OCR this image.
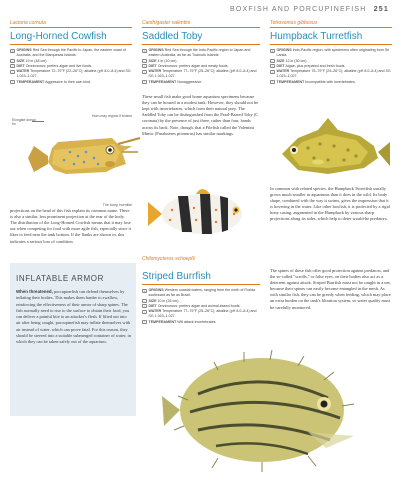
BOXFISH AND PORCUPINEFISH 251
Lactoria cornuta
Long-Horned Cowfish
◎ ORIGINS Red Sea through the Pacific to Japan, the eastern coast of Australia, and the Marquesas Islands.
↔ SIZE 19 in (48 cm).
• DIET Omnivorous; prefers algae and live foods.
≈ WATER Temperature 72–79°F (22–26°C); alkaline (pH 8.0–8.4) and SG 1.023–1.027.
!	TEMPERAMENT Aggressive to their own kind.
Elongate dorsal fin
Horn-may regrow if broken
The bony, hornlike
projections on the head of this fish explain its common name. There is also a similar, less prominent projection at the rear of the body. The distribution of the Long-Horned Cowfish means that it may lose out when competing for food with more agile fish, especially since it likes to feed near the tank bottom. If the flanks are shown in, this indicates a serious loss of condition.
INFLATABLE ARMOR
When threatened, porcupinefish can defend themselves by inflating their bodies. This makes them harder to swallow, reinforcing the effectiveness of their armor of sharp spines. The fish normally need to rise to the surface to obtain their food, you can deliver a painful bite to an attacker's flesh. If lifted out into air after being caught, porcupinefish may inflate themselves with air instead of water, which can prove fatal. For this reason, they should be steered into a suitable submerged container of water, in which they can be taken safely out of the aquarium.
Canthigaster valentini
Saddled Toby
◎ ORIGINS Red Sea through the Indo-Pacific region to Japan and eastern Australia, as far as Tuamotu Islands.
↔ SIZE 4 in (10 cm).
• DIET Omnivorous; prefers algae and meaty foods.
≈ WATER Temperature 77–79°F (25–26°C); alkaline (pH 8.0–8.4) and SG 1.023–1.027.
!	TEMPERAMENT Nonaggressive.
These small fish make good home aquarium specimens because they can be housed in a modest tank. However, they should not be kept with invertebrates, which form their natural prey. The Saddled Toby can be distinguished from the Pearl-Barred Toby (C. coronata) by the presence of just three, rather than four, bands across its back. Note, though, that a Filefish called the Valentini Mimic (Paraluteres prionurus) has similar markings.
Chilomycterus schoepfii
Striped Burrfish
◎ ORIGINS Western coastal waters, ranging from the north of Florida southward as far as Brazil.
↔ SIZE 10 in (25 cm).
• DIET Omnivorous; prefers algae and animal-based foods.
≈ WATER Temperature 77–79°F (25–26°C); alkaline (pH 8.0–8.4) and SG 1.023–1.027.
!	TEMPERAMENT Will attack invertebrates.
Tetrosomus gibbosus
Humpback Turretfish
◎ ORIGINS Indo-Pacific region, with specimens often originating from Sri Lanka.
↔ SIZE 12 in (30 cm).
• DIET Algae, plus prepared and fresh foods.
≈ WATER Temperature 75–79°F (24–26°C); alkaline (pH 8.0–8.4) and SG 1.023–1.027.
!	TEMPERAMENT Incompatible with invertebrates.
In common with related species, the Humpback Turretfish usually grows much smaller in aquariums than it does in the wild. Its body shape, combined with the way it swims, gives the impression that it is hovering in the water. Like other boxfish, it is protected by a rigid bony casing, augmented in the Humpback by various sharp projections along its sides, which help to deter would-be predators.
The spines of these fish offer good protection against predators, and the so-called "scrolls," or false eyes, on their bodies also act as a deterrent against attack. Striped Burrfish must not be caught in a net, because their spines can easily become entangled in the mesh. As with similar fish, they can be greedy when feeding, which may place an extra burden on the tank's filtration system, so water quality must be carefully monitored.
